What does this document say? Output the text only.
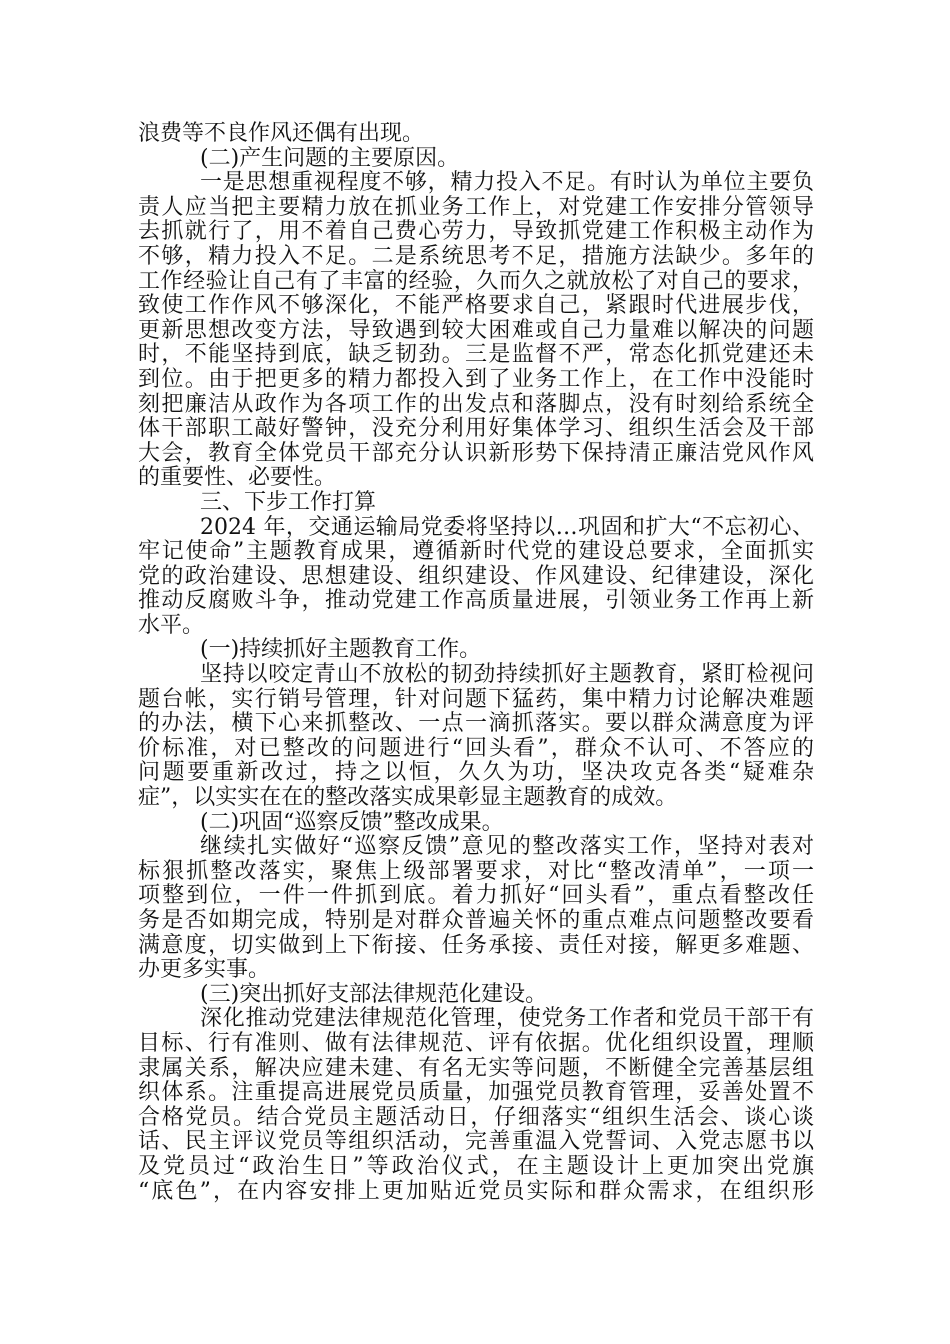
浪费等不良作风还偶有出现。
(二)产生问题的主要原因。
一是思想重视程度不够，精力投入不足。有时认为单位主要负
责人应当把主要精力放在抓业务工作上，对党建工作安排分管领导
去抓就行了，用不着自己费心劳力，导致抓党建工作积极主动作为
不够，精力投入不足。二是系统思考不足，措施方法缺少。多年的
工作经验让自己有了丰富的经验，久而久之就放松了对自己的要求，
致使工作作风不够深化，不能严格要求自己，紧跟时代进展步伐，
更新思想改变方法，导致遇到较大困难或自己力量难以解决的问题
时，不能坚持到底，缺乏韧劲。三是监督不严，常态化抓党建还未
到位。由于把更多的精力都投入到了业务工作上，在工作中没能时
刻把廉洁从政作为各项工作的出发点和落脚点，没有时刻给系统全
体干部职工敲好警钟，没充分利用好集体学习、组织生活会及干部
大会，教育全体党员干部充分认识新形势下保持清正廉洁党风作风
的重要性、必要性。
三、下步工作打算
2024 年，交通运输局党委将坚持以…巩固和扩大“不忘初心、
牢记使命”主题教育成果，遵循新时代党的建设总要求，全面抓实
党的政治建设、思想建设、组织建设、作风建设、纪律建设，深化
推动反腐败斗争，推动党建工作高质量进展，引领业务工作再上新
水平。
(一)持续抓好主题教育工作。
坚持以咬定青山不放松的韧劲持续抓好主题教育，紧盯检视问
题台帐，实行销号管理，针对问题下猛药，集中精力讨论解决难题
的办法，横下心来抓整改、一点一滴抓落实。要以群众满意度为评
价标准，对已整改的问题进行“回头看”，群众不认可、不答应的
问题要重新改过，持之以恒，久久为功，坚决攻克各类“疑难杂
症”，以实实在在的整改落实成果彰显主题教育的成效。
(二)巩固“巡察反馈”整改成果。
继续扎实做好“巡察反馈”意见的整改落实工作，坚持对表对
标狠抓整改落实，聚焦上级部署要求，对比“整改清单”，一项一
项整到位，一件一件抓到底。着力抓好“回头看”，重点看整改任
务是否如期完成，特别是对群众普遍关怀的重点难点问题整改要看
满意度，切实做到上下衔接、任务承接、责任对接，解更多难题、
办更多实事。
(三)突出抓好支部法律规范化建设。
深化推动党建法律规范化管理，使党务工作者和党员干部干有
目标、行有准则、做有法律规范、评有依据。优化组织设置，理顺
隶属关系，解决应建未建、有名无实等问题，不断健全完善基层组
织体系。注重提高进展党员质量，加强党员教育管理，妥善处置不
合格党员。结合党员主题活动日，仔细落实“组织生活会、谈心谈
话、民主评议党员等组织活动，完善重温入党誓词、入党志愿书以
及党员过“政治生日”等政治仪式，在主题设计上更加突出党旗
“底色”，在内容安排上更加贴近党员实际和群众需求，在组织形
